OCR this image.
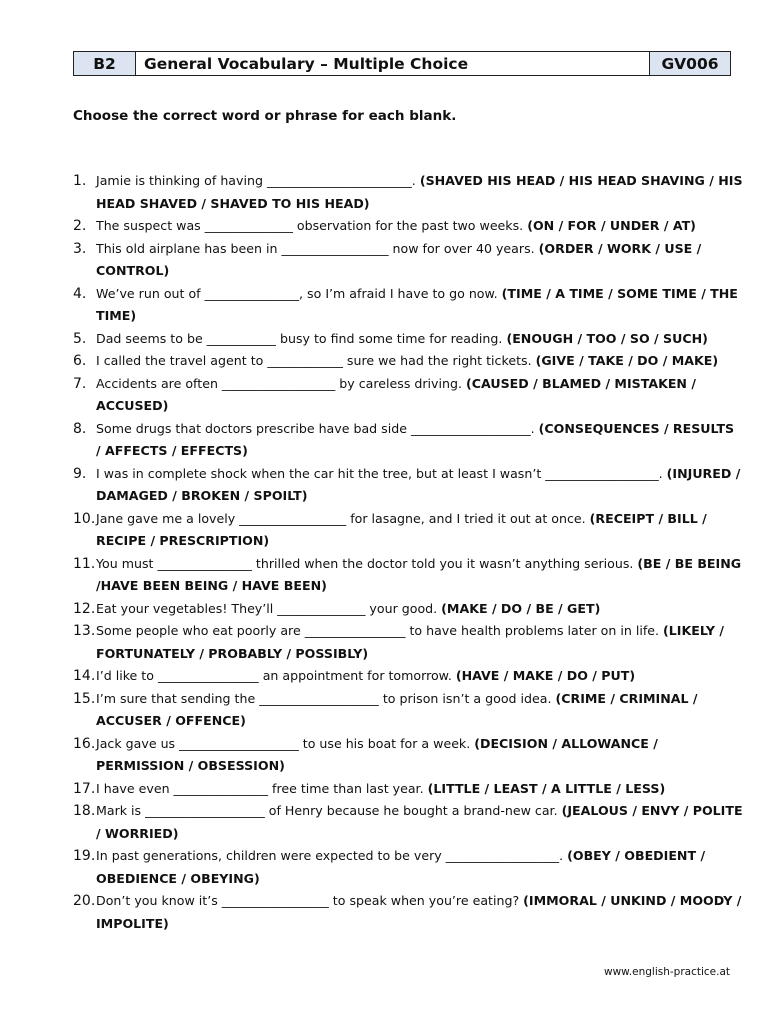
B2	General Vocabulary – Multiple Choice	GV006
Choose the correct word or phrase for each blank.
1. Jamie is thinking of having _______________________. (SHAVED HIS HEAD / HIS HEAD SHAVING / HIS HEAD SHAVED / SHAVED TO HIS HEAD)
2. The suspect was ______________ observation for the past two weeks. (ON / FOR / UNDER / AT)
3. This old airplane has been in _________________ now for over 40 years. (ORDER / WORK / USE / CONTROL)
4. We’ve run out of _______________, so I’m afraid I have to go now. (TIME / A TIME / SOME TIME / THE TIME)
5. Dad seems to be ___________ busy to find some time for reading. (ENOUGH / TOO / SO / SUCH)
6. I called the travel agent to ____________ sure we had the right tickets. (GIVE / TAKE / DO / MAKE)
7. Accidents are often __________________ by careless driving. (CAUSED / BLAMED / MISTAKEN / ACCUSED)
8. Some drugs that doctors prescribe have bad side ___________________. (CONSEQUENCES / RESULTS / AFFECTS / EFFECTS)
9. I was in complete shock when the car hit the tree, but at least I wasn’t __________________. (INJURED / DAMAGED / BROKEN / SPOILT)
10. Jane gave me a lovely _________________ for lasagne, and I tried it out at once. (RECEIPT / BILL / RECIPE / PRESCRIPTION)
11. You must _______________ thrilled when the doctor told you it wasn’t anything serious. (BE / BE BEING /HAVE BEEN BEING / HAVE BEEN)
12. Eat your vegetables! They’ll ______________ your good. (MAKE / DO / BE / GET)
13. Some people who eat poorly are ________________ to have health problems later on in life. (LIKELY / FORTUNATELY / PROBABLY / POSSIBLY)
14. I’d like to ________________ an appointment for tomorrow. (HAVE / MAKE / DO / PUT)
15. I’m sure that sending the ___________________ to prison isn’t a good idea. (CRIME / CRIMINAL / ACCUSER / OFFENCE)
16. Jack gave us ___________________ to use his boat for a week. (DECISION / ALLOWANCE / PERMISSION / OBSESSION)
17. I have even _______________ free time than last year. (LITTLE / LEAST / A LITTLE / LESS)
18. Mark is ___________________ of Henry because he bought a brand-new car. (JEALOUS / ENVY / POLITE / WORRIED)
19. In past generations, children were expected to be very __________________. (OBEY / OBEDIENT / OBEDIENCE / OBEYING)
20. Don’t you know it’s _________________ to speak when you’re eating? (IMMORAL / UNKIND / MOODY / IMPOLITE)
www.english-practice.at
